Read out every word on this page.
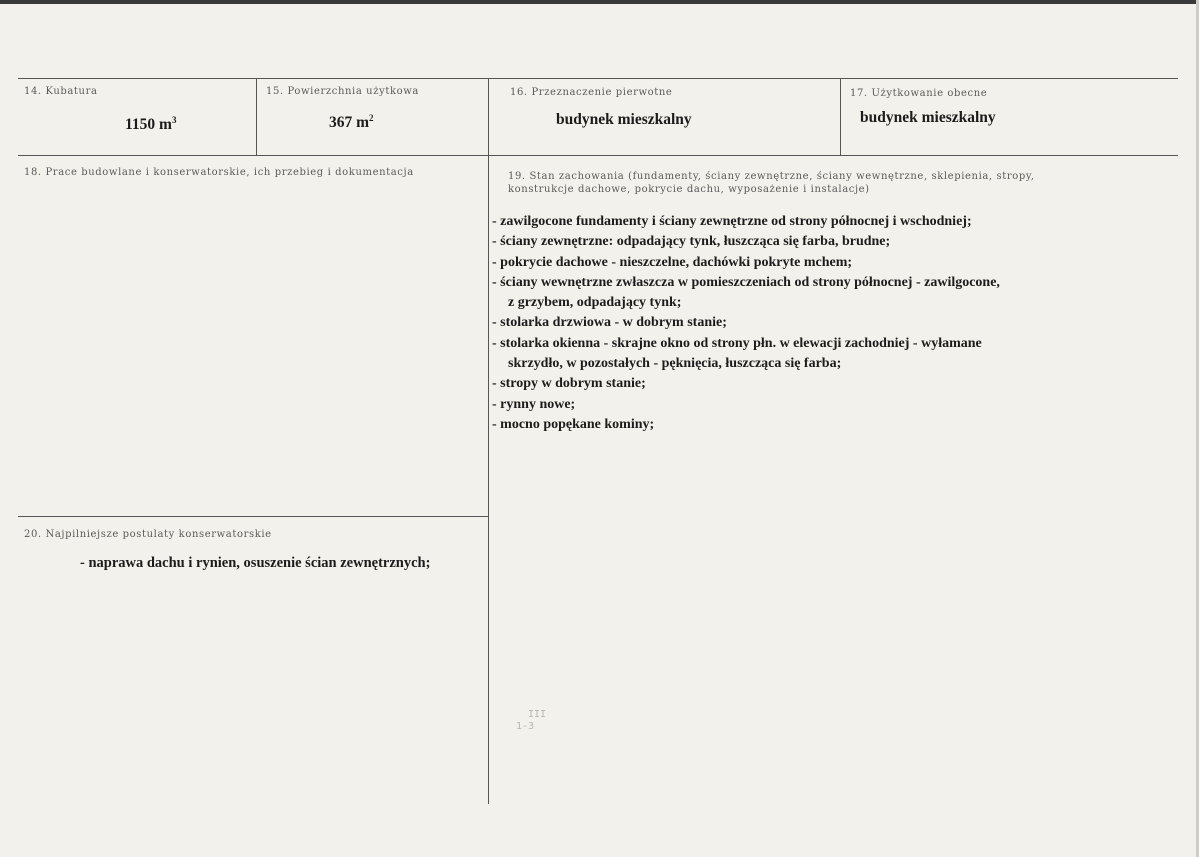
14. Kubatura
1150 $m^3$
15. Powierzchnia użytkowa
367 $m^2$
16. Przeznaczenie pierwotne
budynek mieszkalny
17. Użytkowanie obecne
budynek mieszkalny
18. Prace budowlane i konserwatorskie, ich przebieg i dokumentacja	19. Stan zachowania (fundamenty, ściany zewnętrzne, ściany wewnętrzne, sklepienia, stropy,
konstrukcje dachowe, pokrycie dachu, wyposażenie i instalacje)
- zawilgocone fundamenty i ściany zewnętrzne od strony północnej i wschodniej;
- ściany zewnętrzne: odpadający tynk, łuszcząca się farba, brudne;
- pokrycie dachowe - nieszczelne, dachówki pokryte mchem;
- ściany wewnętrzne zwłaszcza w pomieszczeniach od strony północnej - zawilgocone,
z grzybem, odpadający tynk;
- stolarka drzwiowa - w dobrym stanie;
- stolarka okienna - skrajne okno od strony płn. w elewacji zachodniej - wyłamane
skrzydło, w pozostałych - pęknięcia, łuszcząca się farba;
- stropy w dobrym stanie;
- rynny nowe;
- mocno popękane kominy;
20. Najpilniejsze postulaty konserwatorskie
- naprawa dachu i rynien, osuszenie ścian zewnętrznych;
III
1-3
